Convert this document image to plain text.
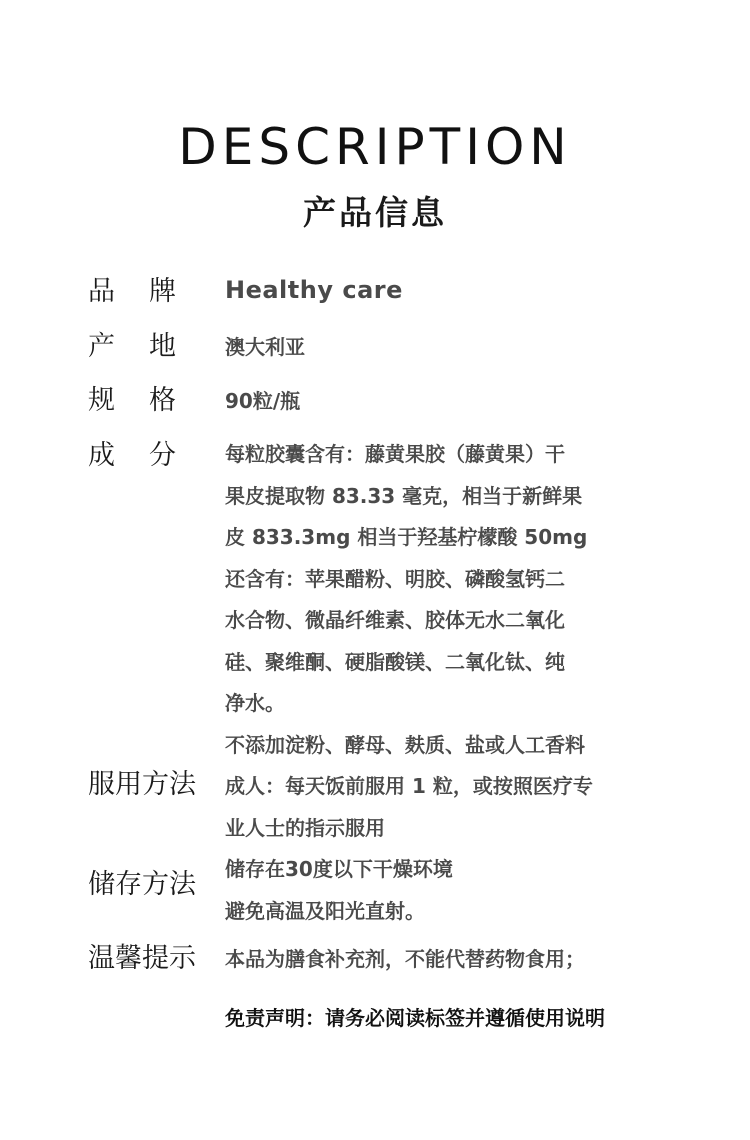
DESCRIPTION
产品信息
品牌 Healthy care
产地 澳大利亚
规格 90粒/瓶
成分 每粒胶囊含有：藤黄果胶（藤黄果）干
果皮提取物 83.33 毫克，相当于新鲜果
皮 833.3mg 相当于羟基柠檬酸 50mg
还含有：苹果醋粉、明胶、磷酸氢钙二
水合物、微晶纤维素、胶体无水二氧化
硅、聚维酮、硬脂酸镁、二氧化钛、纯
净水。
不添加淀粉、酵母、麸质、盐或人工香料
服用方法 成人：每天饭前服用 1 粒，或按照医疗专
业人士的指示服用
储存方法 储存在30度以下干燥环境
避免高温及阳光直射。
温馨提示 本品为膳食补充剂，不能代替药物食用；
免责声明：请务必阅读标签并遵循使用说明
